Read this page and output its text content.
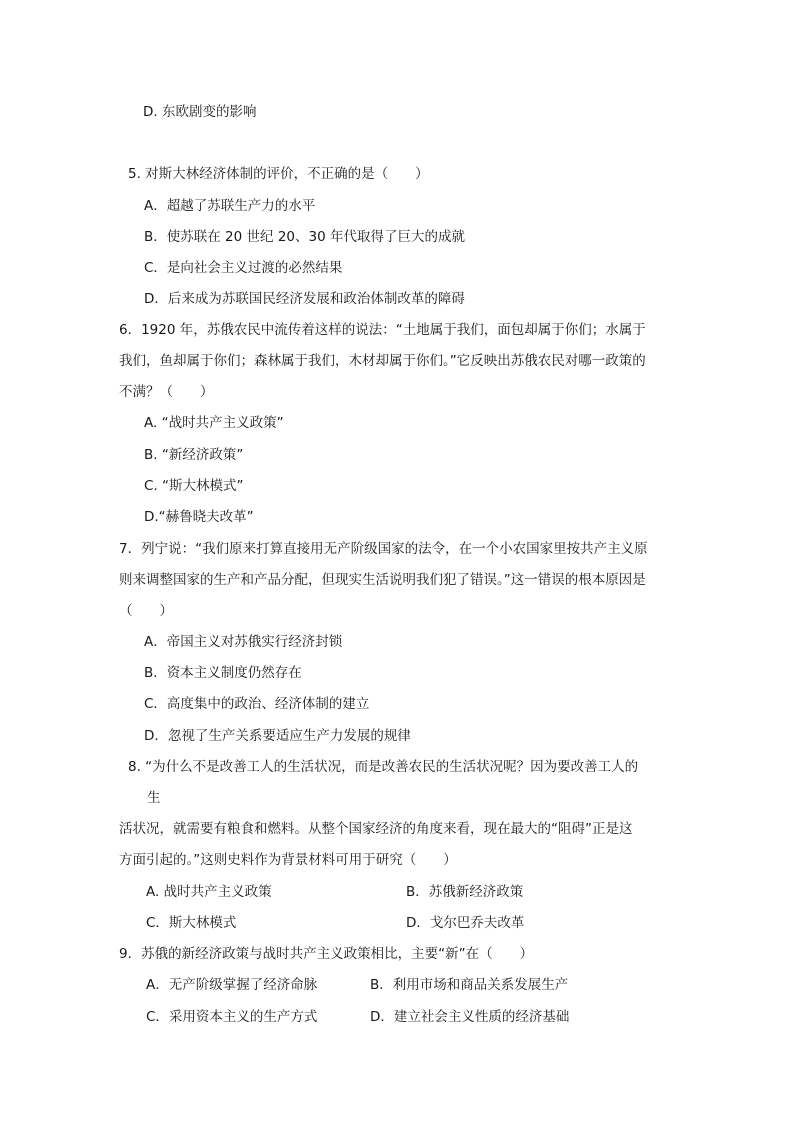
D. 东欧剧变的影响
5. 对斯大林经济体制的评价，不正确的是（　　）
A．超越了苏联生产力的水平
B．使苏联在 20 世纪 20、30 年代取得了巨大的成就
C．是向社会主义过渡的必然结果
D．后来成为苏联国民经济发展和政治体制改革的障碍
6．1920 年，苏俄农民中流传着这样的说法：“土地属于我们，面包却属于你们；水属于
我们，鱼却属于你们；森林属于我们，木材却属于你们。”它反映出苏俄农民对哪一政策的
不满？（　　）
A. “战时共产主义政策”
B. “新经济政策”
C. “斯大林模式”
D.“赫鲁晓夫改革”
7．列宁说：“我们原来打算直接用无产阶级国家的法令，在一个小农国家里按共产主义原
则来调整国家的生产和产品分配，但现实生活说明我们犯了错误。”这一错误的根本原因是
（　　）
A．帝国主义对苏俄实行经济封锁
B．资本主义制度仍然存在
C．高度集中的政治、经济体制的建立
D．忽视了生产关系要适应生产力发展的规律
8. “为什么不是改善工人的生活状况，而是改善农民的生活状况呢？因为要改善工人的
生
活状况，就需要有粮食和燃料。从整个国家经济的角度来看，现在最大的“阻碍”正是这
方面引起的。”这则史料作为背景材料可用于研究（　　）
A. 战时共产主义政策	B．苏俄新经济政策
C．斯大林模式	D．戈尔巴乔夫改革
9．苏俄的新经济政策与战时共产主义政策相比，主要“新”在（　　）
A．无产阶级掌握了经济命脉	B．利用市场和商品关系发展生产
C．采用资本主义的生产方式	D．建立社会主义性质的经济基础
